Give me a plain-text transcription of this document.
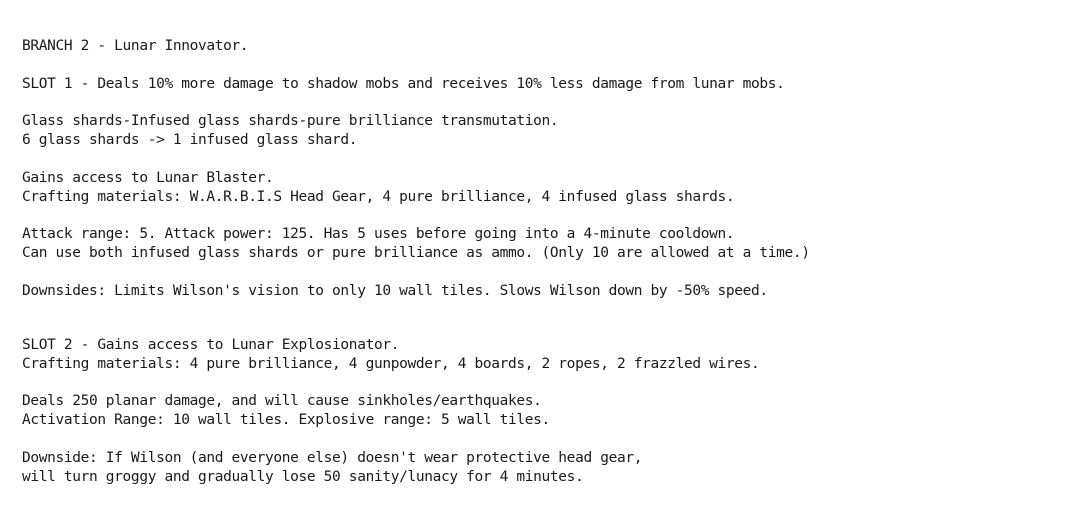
BRANCH 2 - Lunar Innovator.
SLOT 1 - Deals 10% more damage to shadow mobs and receives 10% less damage from lunar mobs.
Glass shards-Infused glass shards-pure brilliance transmutation.
6 glass shards -> 1 infused glass shard.
Gains access to Lunar Blaster.
Crafting materials: W.A.R.B.I.S Head Gear, 4 pure brilliance, 4 infused glass shards.
Attack range: 5. Attack power: 125. Has 5 uses before going into a 4-minute cooldown.
Can use both infused glass shards or pure brilliance as ammo. (Only 10 are allowed at a time.)
Downsides: Limits Wilson's vision to only 10 wall tiles. Slows Wilson down by -50% speed.
SLOT 2 - Gains access to Lunar Explosionator.
Crafting materials: 4 pure brilliance, 4 gunpowder, 4 boards, 2 ropes, 2 frazzled wires.
Deals 250 planar damage, and will cause sinkholes/earthquakes.
Activation Range: 10 wall tiles. Explosive range: 5 wall tiles.
Downside: If Wilson (and everyone else) doesn't wear protective head gear,
will turn groggy and gradually lose 50 sanity/lunacy for 4 minutes.
